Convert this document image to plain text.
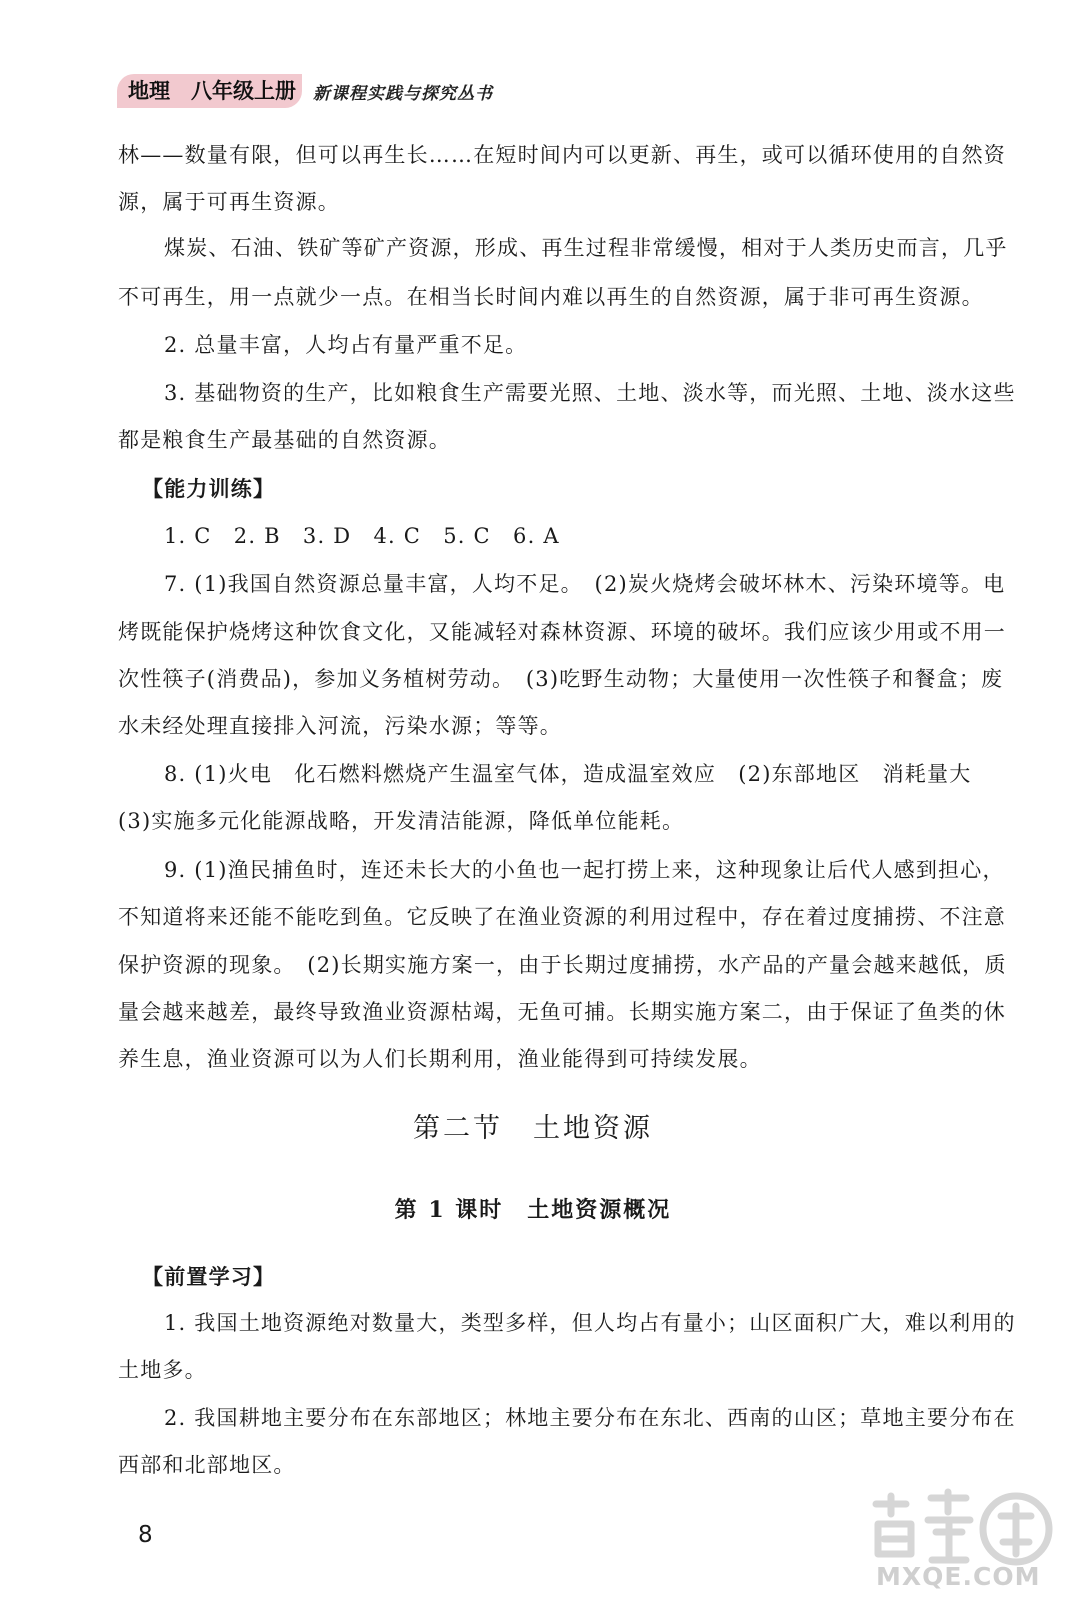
地理 八年级上册 新课程实践与探究丛书
林——数量有限，但可以再生长……在短时间内可以更新、再生，或可以循环使用的自然资
源，属于可再生资源。
煤炭、石油、铁矿等矿产资源，形成、再生过程非常缓慢，相对于人类历史而言，几乎
不可再生，用一点就少一点。在相当长时间内难以再生的自然资源，属于非可再生资源。
2. 总量丰富，人均占有量严重不足。
3. 基础物资的生产，比如粮食生产需要光照、土地、淡水等，而光照、土地、淡水这些
都是粮食生产最基础的自然资源。
【能力训练】
1. C　2. B　3. D　4. C　5. C　6. A
7. (1)我国自然资源总量丰富，人均不足。　(2)炭火烧烤会破坏林木、污染环境等。电
烤既能保护烧烤这种饮食文化，又能减轻对森林资源、环境的破坏。我们应该少用或不用一
次性筷子(消费品)，参加义务植树劳动。　(3)吃野生动物；大量使用一次性筷子和餐盒；废
水未经处理直接排入河流，污染水源；等等。
8. (1)火电　化石燃料燃烧产生温室气体，造成温室效应　(2)东部地区　消耗量大
(3)实施多元化能源战略，开发清洁能源，降低单位能耗。
9. (1)渔民捕鱼时，连还未长大的小鱼也一起打捞上来，这种现象让后代人感到担心，
不知道将来还能不能吃到鱼。它反映了在渔业资源的利用过程中，存在着过度捕捞、不注意
保护资源的现象。　(2)长期实施方案一，由于长期过度捕捞，水产品的产量会越来越低，质
量会越来越差，最终导致渔业资源枯竭，无鱼可捕。长期实施方案二，由于保证了鱼类的休
养生息，渔业资源可以为人们长期利用，渔业能得到可持续发展。
第二节　土地资源
第 1 课时　土地资源概况
【前置学习】
1. 我国土地资源绝对数量大，类型多样，但人均占有量小；山区面积广大，难以利用的
土地多。
2. 我国耕地主要分布在东部地区；林地主要分布在东北、西南的山区；草地主要分布在
西部和北部地区。
8
MXQE.COM
